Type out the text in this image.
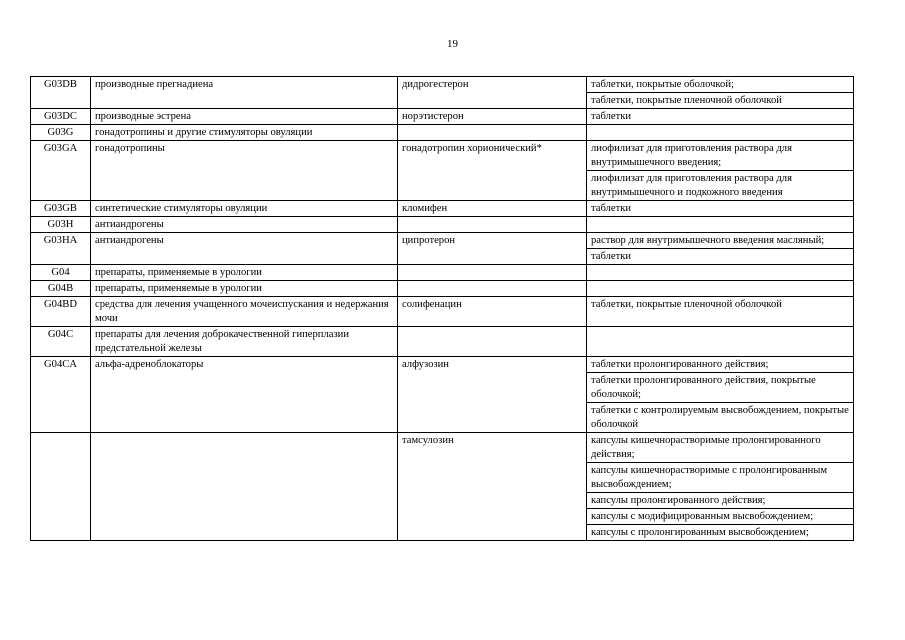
19
G03DB	производные прегнадиена	дидрогестерон	таблетки, покрытые оболочкой;
			таблетки, покрытые пленочной оболочкой
G03DC	производные эстрена	норэтистерон	таблетки
G03G	гонадотропины и другие стимуляторы овуляции		
G03GA	гонадотропины	гонадотропин хорионический*	лиофилизат для приготовления раствора для внутримышечного введения;
			лиофилизат для приготовления раствора для внутримышечного и подкожного введения
G03GB	синтетические стимуляторы овуляции	кломифен	таблетки
G03H	антиандрогены		
G03HA	антиандрогены	ципротерон	раствор для внутримышечного введения масляный;
			таблетки
G04	препараты, применяемые в урологии		
G04B	препараты, применяемые в урологии		
G04BD	средства для лечения учащенного мочеиспускания и недержания мочи	солифенацин	таблетки, покрытые пленочной оболочкой
G04C	препараты для лечения доброкачественной гиперплазии предстательной железы		
G04CA	альфа-адреноблокаторы	алфузозин	таблетки пролонгированного действия;
			таблетки пролонгированного действия, покрытые оболочкой;
			таблетки с контролируемым высвобождением, покрытые оболочкой
		тамсулозин	капсулы кишечнорастворимые пролонгированного действия;
			капсулы кишечнорастворимые с пролонгированным высвобождением;
			капсулы пролонгированного действия;
			капсулы с модифицированным высвобождением;
			капсулы с пролонгированным высвобождением;
